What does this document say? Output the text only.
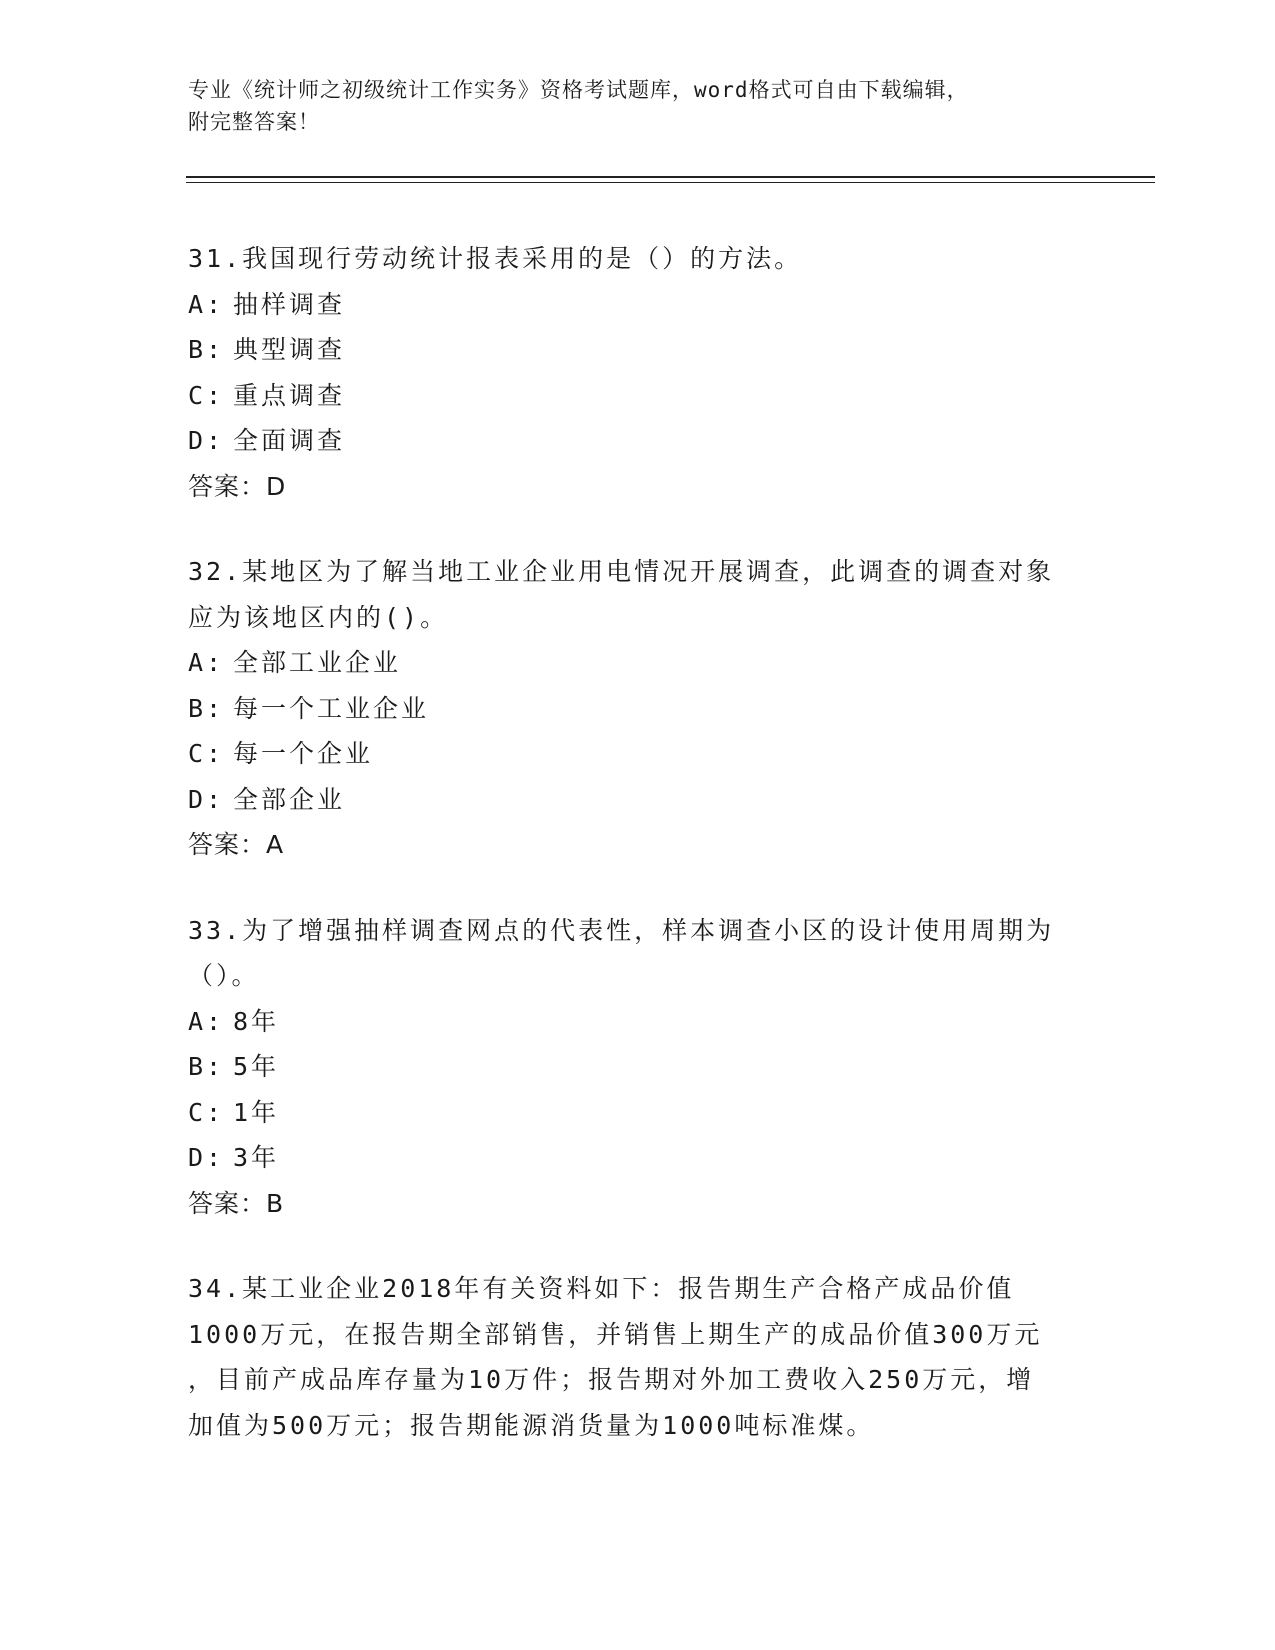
专业《统计师之初级统计工作实务》资格考试题库，word格式可自由下载编辑，
附完整答案！
31.我国现行劳动统计报表采用的是（）的方法。
A: 抽样调查
B: 典型调查
C: 重点调查
D: 全面调查
答案：D
32.某地区为了解当地工业企业用电情况开展调查，此调查的调查对象
应为该地区内的()。
A: 全部工业企业
B: 每一个工业企业
C: 每一个企业
D: 全部企业
答案：A
33.为了增强抽样调查网点的代表性，样本调查小区的设计使用周期为
（）。
A: 8年
B: 5年
C: 1年
D: 3年
答案：B
34.某工业企业2018年有关资料如下：报告期生产合格产成品价值
1000万元，在报告期全部销售，并销售上期生产的成品价值300万元
，目前产成品库存量为10万件；报告期对外加工费收入250万元，增
加值为500万元；报告期能源消货量为1000吨标准煤。
